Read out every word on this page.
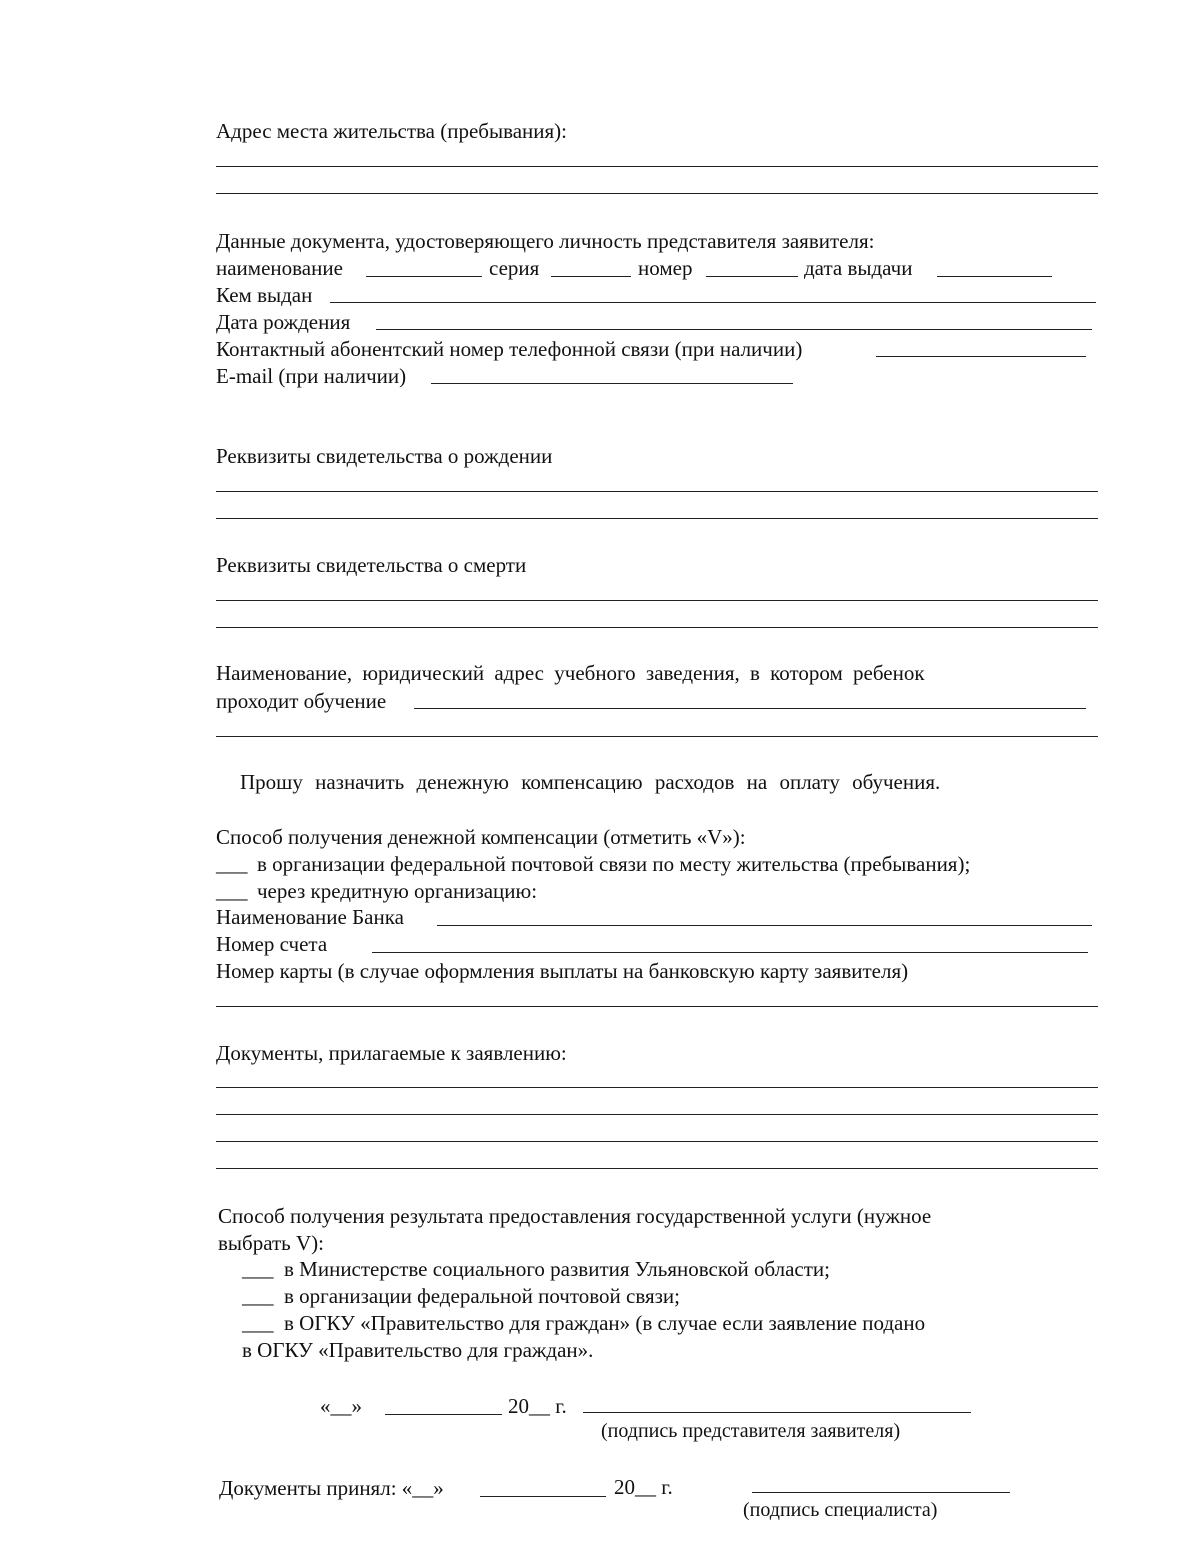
Адрес места жительства (пребывания):
Данные документа, удостоверяющего личность представителя заявителя:
наименование	серия	номер	дата выдачи
Кем выдан
Дата рождения
Контактный абонентский номер телефонной связи (при наличии)
E-mail (при наличии)
Реквизиты свидетельства о рождении
Реквизиты свидетельства о смерти
Наименование, юридический адрес учебного заведения, в котором ребенок
проходит обучение
Прошу назначить денежную компенсацию расходов на оплату обучения.
Способ получения денежной компенсации (отметить «V»):
___ в организации федеральной почтовой связи по месту жительства (пребывания);
___ через кредитную организацию:
Наименование Банка
Номер счета
Номер карты (в случае оформления выплаты на банковскую карту заявителя)
Документы, прилагаемые к заявлению:
Способ получения результата предоставления государственной услуги (нужное
выбрать V):
___ в Министерстве социального развития Ульяновской области;
___ в организации федеральной почтовой связи;
___ в ОГКУ «Правительство для граждан» (в случае если заявление подано
в ОГКУ «Правительство для граждан».
«__»	20__ г.
(подпись представителя заявителя)
Документы принял: «__»	20__ г.
(подпись специалиста)
